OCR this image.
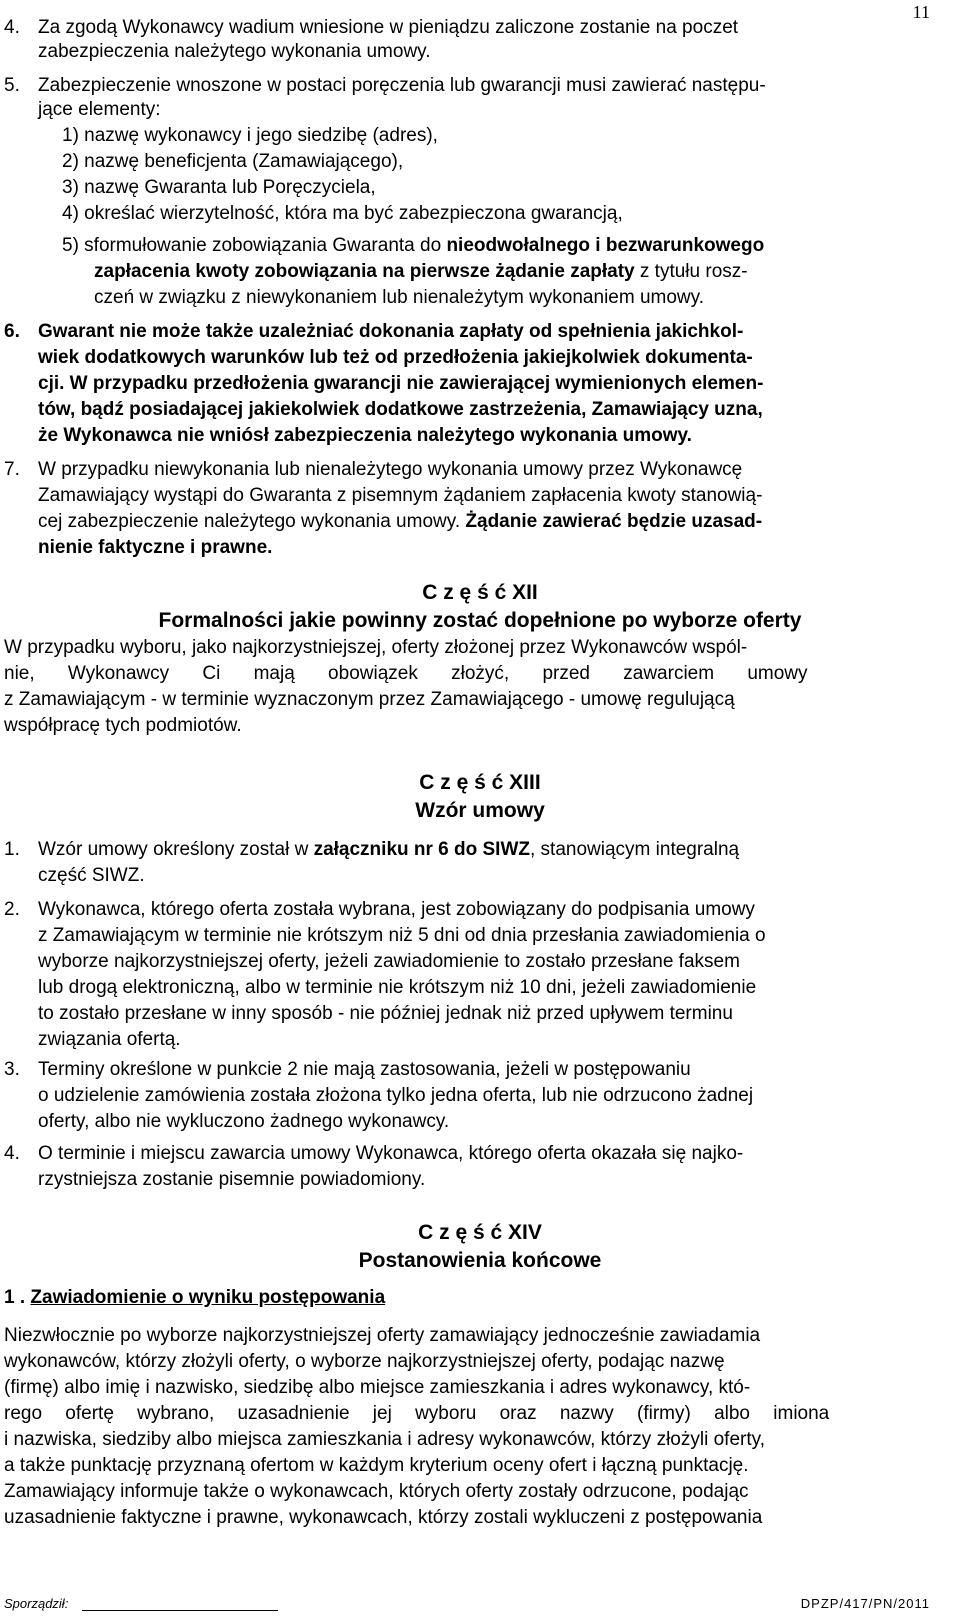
11
4. Za zgodą Wykonawcy wadium wniesione w pieniądzu zaliczone zostanie na poczet
zabezpieczenia należytego wykonania umowy.
5. Zabezpieczenie wnoszone w postaci poręczenia lub gwarancji musi zawierać następu-
jące elementy:
1) nazwę wykonawcy i jego siedzibę (adres),
2) nazwę beneficjenta (Zamawiającego),
3) nazwę Gwaranta lub Poręczyciela,
4) określać wierzytelność, która ma być zabezpieczona gwarancją,
5) sformułowanie zobowiązania Gwaranta do nieodwołalnego i bezwarunkowego
zapłacenia kwoty zobowiązania na pierwsze żądanie zapłaty z tytułu rosz-
czeń w związku z niewykonaniem lub nienależytym wykonaniem umowy.
6. Gwarant nie może także uzależniać dokonania zapłaty od spełnienia jakichkol-
wiek dodatkowych warunków lub też od przedłożenia jakiejkolwiek dokumenta-
cji. W przypadku przedłożenia gwarancji nie zawierającej wymienionych elemen-
tów, bądź posiadającej jakiekolwiek dodatkowe zastrzeżenia, Zamawiający uzna,
że Wykonawca nie wniósł zabezpieczenia należytego wykonania umowy.
7. W przypadku niewykonania lub nienależytego wykonania umowy przez Wykonawcę
Zamawiający wystąpi do Gwaranta z pisemnym żądaniem zapłacenia kwoty stanowią-
cej zabezpieczenie należytego wykonania umowy. Żądanie zawierać będzie uzasad-
nienie faktyczne i prawne.
C z ę ś ć XII
Formalności jakie powinny zostać dopełnione po wyborze oferty
W przypadku wyboru, jako najkorzystniejszej, oferty złożonej przez Wykonawców wspól-
nie, Wykonawcy Ci mają obowiązek złożyć, przed zawarciem umowy
z Zamawiającym - w terminie wyznaczonym przez Zamawiającego - umowę regulującą
współpracę tych podmiotów.
C z ę ś ć XIII
Wzór umowy
1. Wzór umowy określony został w załączniku nr 6 do SIWZ, stanowiącym integralną
część SIWZ.
2. Wykonawca, którego oferta została wybrana, jest zobowiązany do podpisania umowy
z Zamawiającym w terminie nie krótszym niż 5 dni od dnia przesłania zawiadomienia o
wyborze najkorzystniejszej oferty, jeżeli zawiadomienie to zostało przesłane faksem
lub drogą elektroniczną, albo w terminie nie krótszym niż 10 dni, jeżeli zawiadomienie
to zostało przesłane w inny sposób - nie później jednak niż przed upływem terminu
związania ofertą.
3. Terminy określone w punkcie 2 nie mają zastosowania, jeżeli w postępowaniu
o udzielenie zamówienia została złożona tylko jedna oferta, lub nie odrzucono żadnej
oferty, albo nie wykluczono żadnego wykonawcy.
4. O terminie i miejscu zawarcia umowy Wykonawca, którego oferta okazała się najko-
rzystniejsza zostanie pisemnie powiadomiony.
C z ę ś ć XIV
Postanowienia końcowe
1 . Zawiadomienie o wyniku postępowania
Niezwłocznie po wyborze najkorzystniejszej oferty zamawiający jednocześnie zawiadamia
wykonawców, którzy złożyli oferty, o wyborze najkorzystniejszej oferty, podając nazwę
(firmę) albo imię i nazwisko, siedzibę albo miejsce zamieszkania i adres wykonawcy, któ-
rego ofertę wybrano, uzasadnienie jej wyboru oraz nazwy (firmy) albo imiona
i nazwiska, siedziby albo miejsca zamieszkania i adresy wykonawców, którzy złożyli oferty,
a także punktację przyznaną ofertom w każdym kryterium oceny ofert i łączną punktację.
Zamawiający informuje także o wykonawcach, których oferty zostały odrzucone, podając
uzasadnienie faktyczne i prawne, wykonawcach, którzy zostali wykluczeni z postępowania
Sporządził:	DPZP/417/PN/2011
